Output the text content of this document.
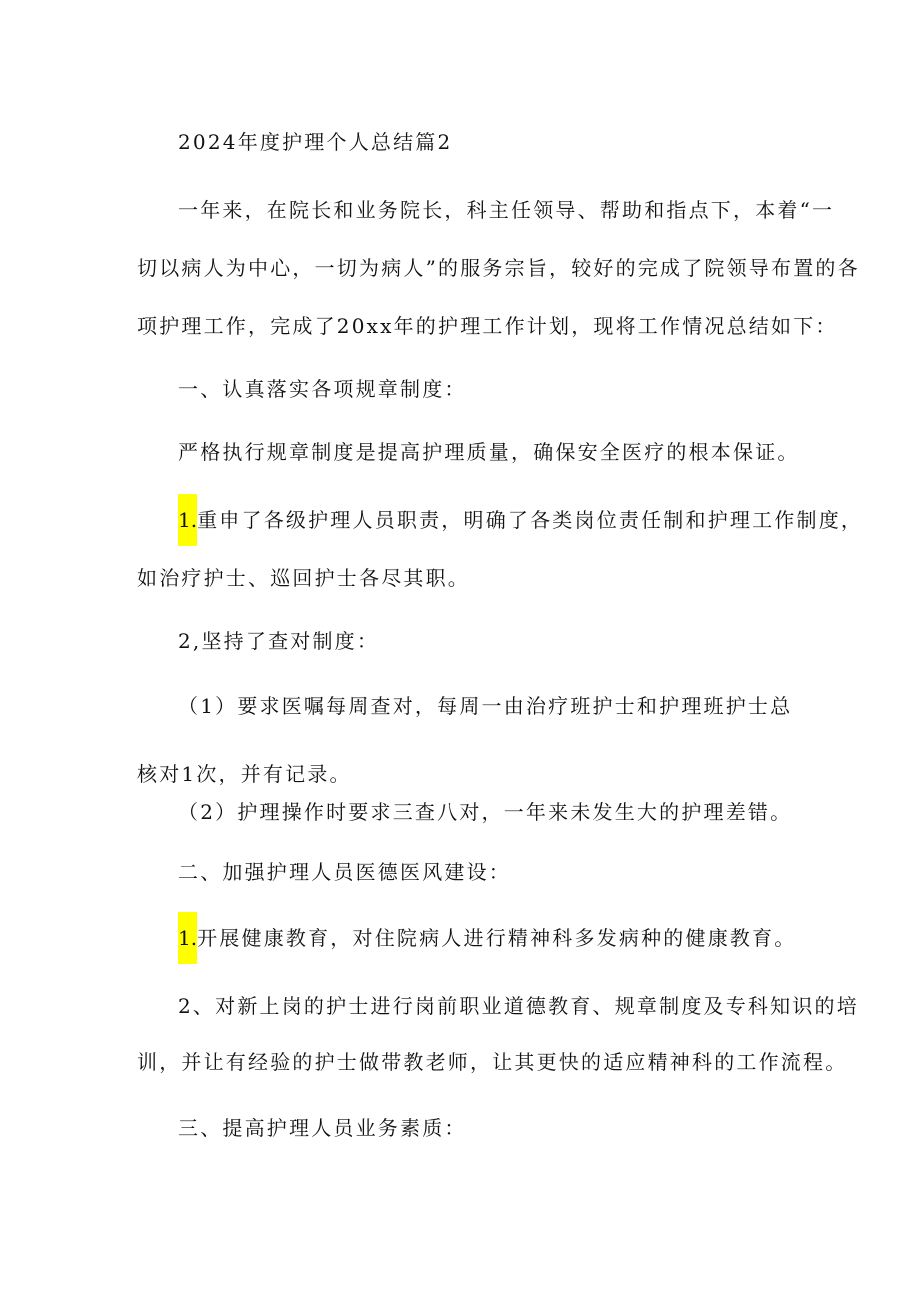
2024年度护理个人总结篇2
一年来，在院长和业务院长，科主任领导、帮助和指点下，本着“一
切以病人为中心，一切为病人”的服务宗旨，较好的完成了院领导布置的各
项护理工作，完成了20xx年的护理工作计划，现将工作情况总结如下：
一、认真落实各项规章制度：
严格执行规章制度是提高护理质量，确保安全医疗的根本保证。
1.重申了各级护理人员职责，明确了各类岗位责任制和护理工作制度，
如治疗护士、巡回护士各尽其职。
2,坚持了查对制度：
（1）要求医嘱每周查对，每周一由治疗班护士和护理班护士总
核对1次，并有记录。
（2）护理操作时要求三查八对，一年来未发生大的护理差错。
二、加强护理人员医德医风建设：
1.开展健康教育，对住院病人进行精神科多发病种的健康教育。
2、对新上岗的护士进行岗前职业道德教育、规章制度及专科知识的培
训，并让有经验的护士做带教老师，让其更快的适应精神科的工作流程。
三、提高护理人员业务素质：
